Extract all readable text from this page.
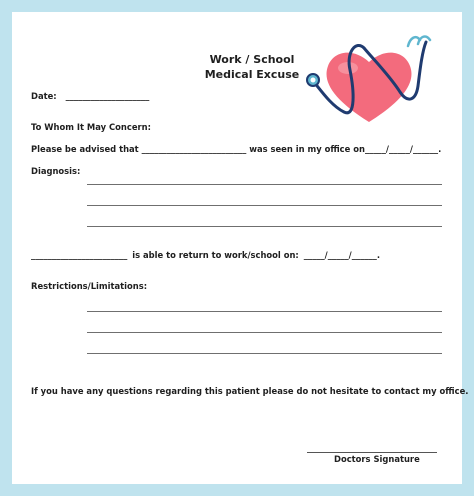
Work / School
Medical Excuse
Date: ____________________
To Whom It May Concern:
Please be advised that _________________________ was seen in my office on_____/_____/______.
Diagnosis:
_______________________ is able to return to work/school on: _____/_____/______.
Restrictions/Limitations:
If you have any questions regarding this patient please do not hesitate to contact my office.
Doctors Signature
